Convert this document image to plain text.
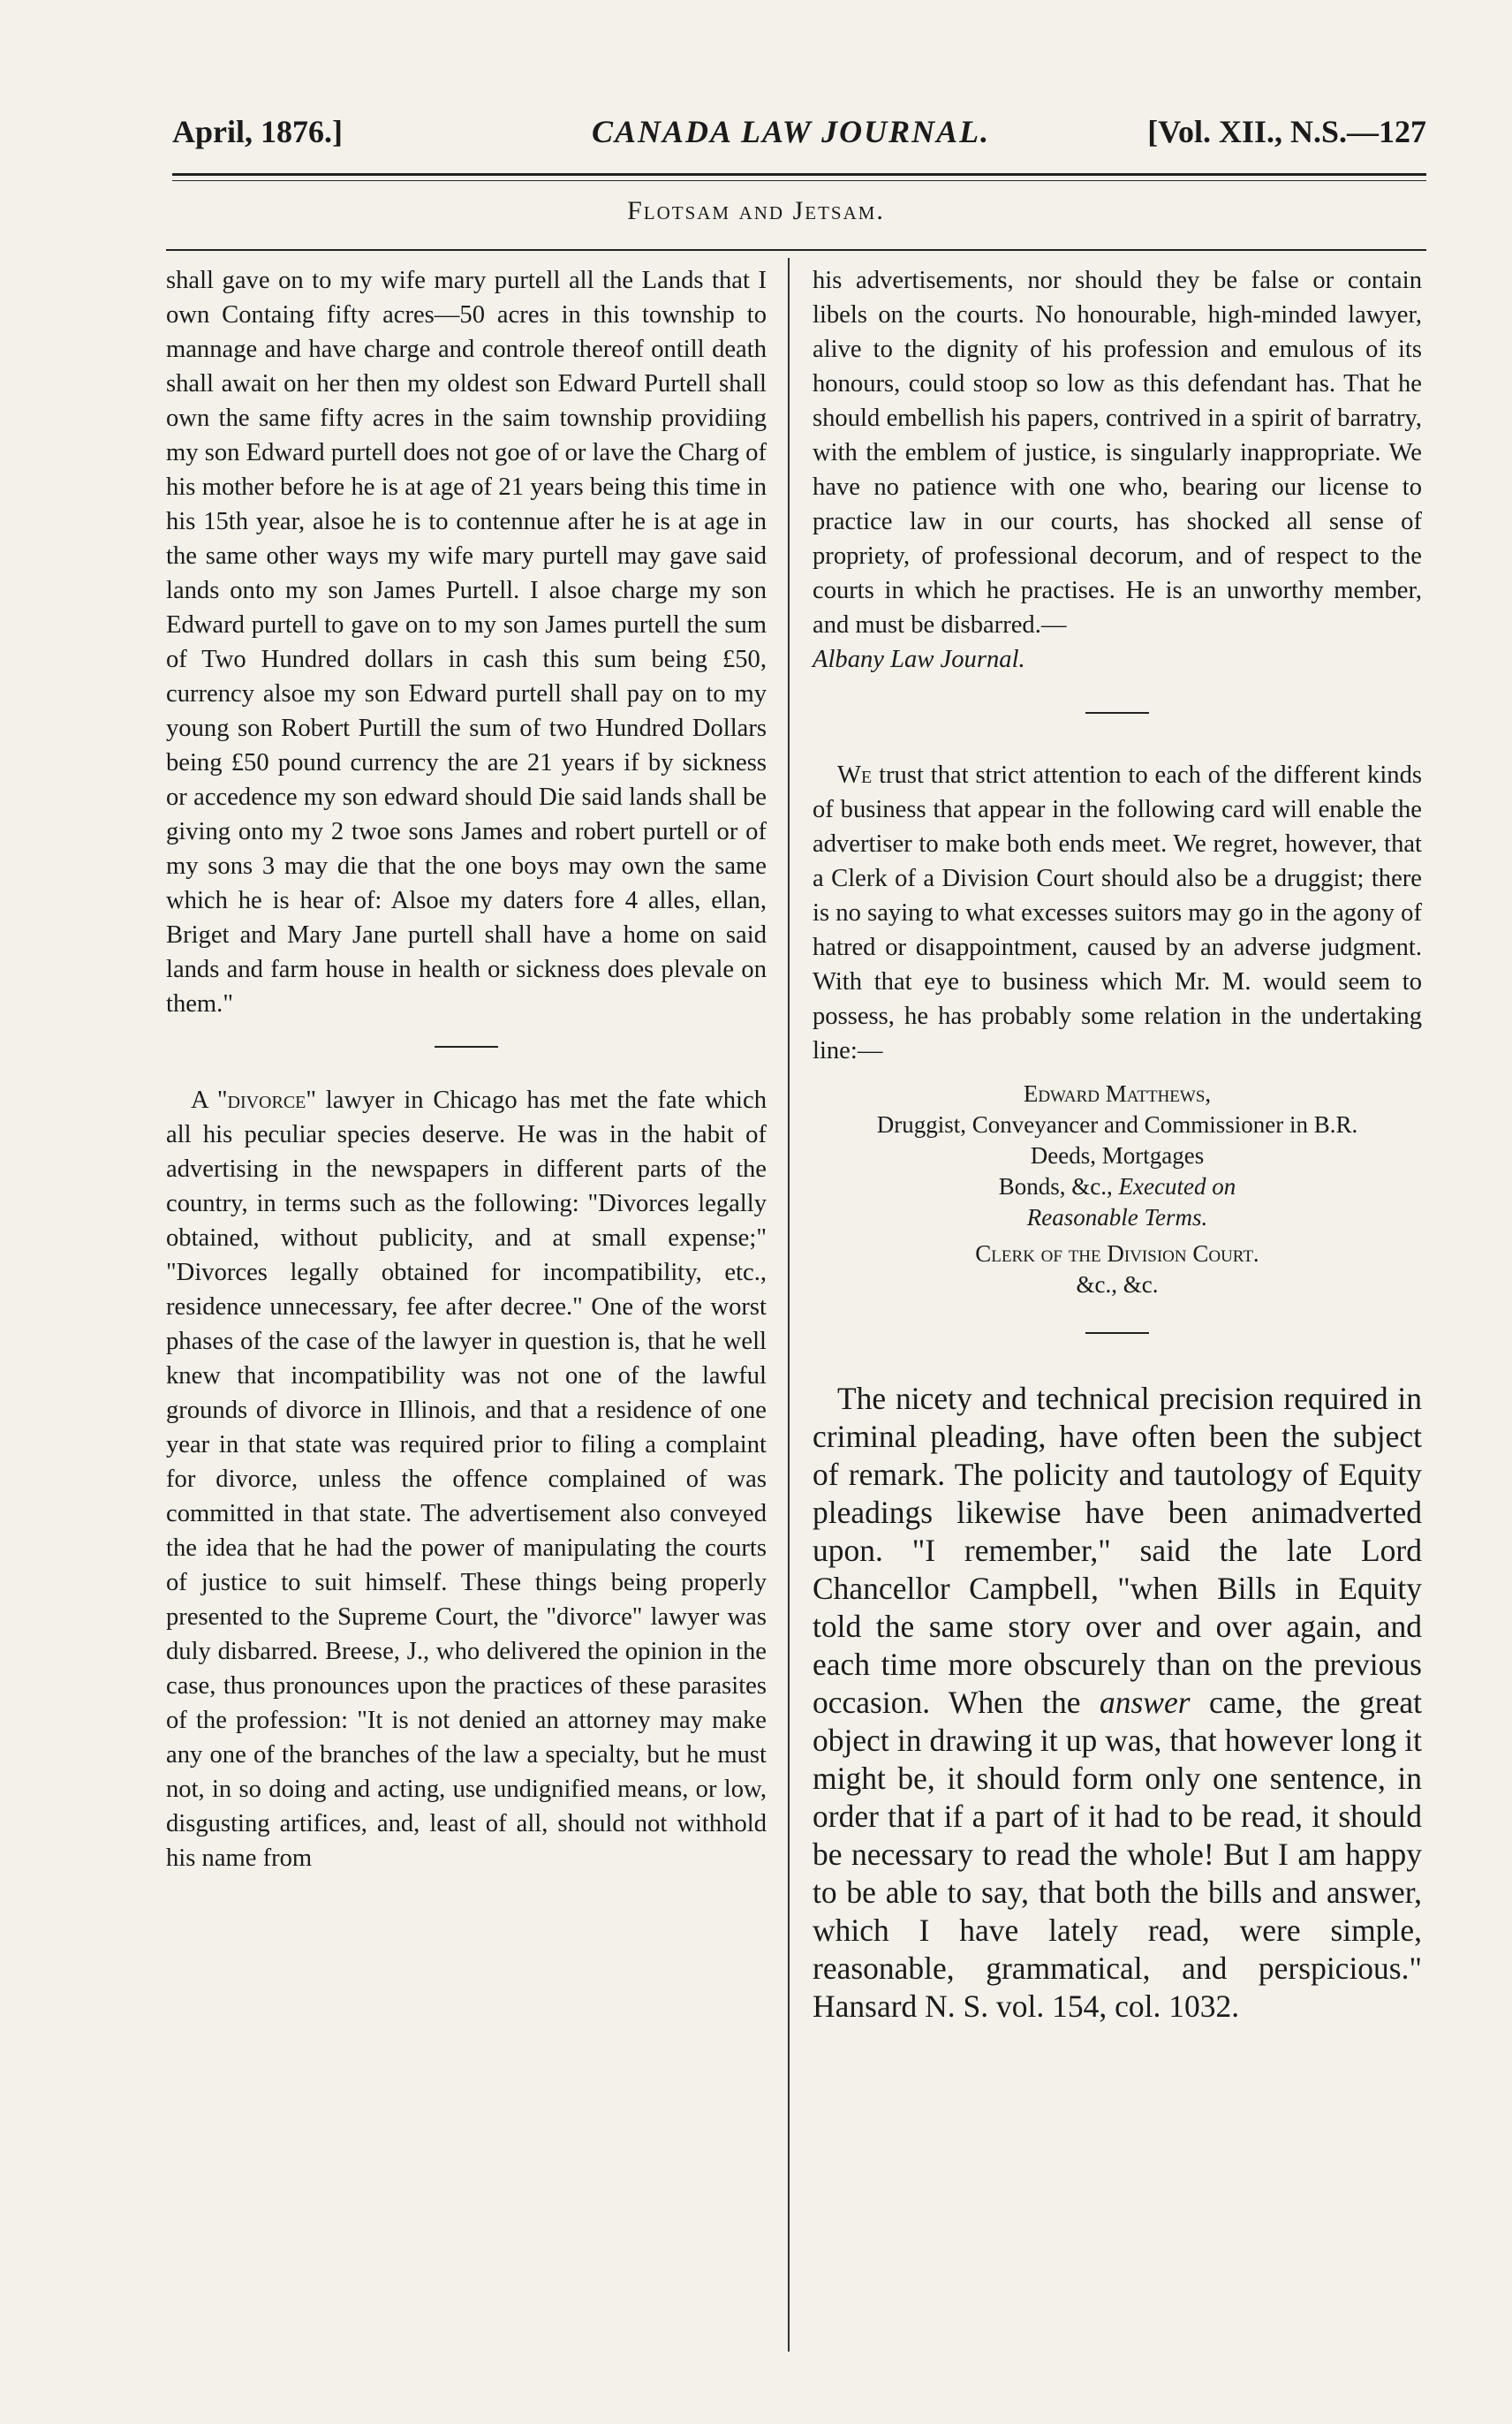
April, 1876.]	CANADA LAW JOURNAL.	[Vol. XII., N.S.—127
Flotsam and Jetsam.

shall gave on to my wife mary purtell all the Lands that I own Containg fifty acres—50 acres in this township to mannage and have charge and controle thereof ontill death shall await on her then my oldest son Edward Purtell shall own the same fifty acres in the saim township providiing my son Edward purtell does not goe of or lave the Charg of his mother before he is at age of 21 years being this time in his 15th year, alsoe he is to contennue after he is at age in the same other ways my wife mary purtell may gave said lands onto my son James Purtell. I alsoe charge my son Edward purtell to gave on to my son James purtell the sum of Two Hundred dollars in cash this sum being £50, currency alsoe my son Edward purtell shall pay on to my young son Robert Purtill the sum of two Hundred Dollars being £50 pound currency the are 21 years if by sickness or accedence my son edward should Die said lands shall be giving onto my 2 twoe sons James and robert purtell or of my sons 3 may die that the one boys may own the same which he is hear of: Alsoe my daters fore 4 alles, ellan, Briget and Mary Jane purtell shall have a home on said lands and farm house in health or sickness does plevale on them."

A "divorce" lawyer in Chicago has met the fate which all his peculiar species deserve. He was in the habit of advertising in the newspapers in different parts of the country, in terms such as the following: "Divorces legally obtained, without publicity, and at small expense;" "Divorces legally obtained for incompatibility, etc., residence unnecessary, fee after decree." One of the worst phases of the case of the lawyer in question is, that he well knew that incompatibility was not one of the lawful grounds of divorce in Illinois, and that a residence of one year in that state was required prior to filing a complaint for divorce, unless the offence complained of was committed in that state. The advertisement also conveyed the idea that he had the power of manipulating the courts of justice to suit himself. These things being properly presented to the Supreme Court, the "divorce" lawyer was duly disbarred. Breese, J., who delivered the opinion in the case, thus pronounces upon the practices of these parasites of the profession: "It is not denied an attorney may make any one of the branches of the law a specialty, but he must not, in so doing and acting, use undignified means, or low, disgusting artifices, and, least of all, should not withhold his name from

his advertisements, nor should they be false or contain libels on the courts. No honourable, high-minded lawyer, alive to the dignity of his profession and emulous of its honours, could stoop so low as this defendant has. That he should embellish his papers, contrived in a spirit of barratry, with the emblem of justice, is singularly inappropriate. We have no patience with one who, bearing our license to practice law in our courts, has shocked all sense of propriety, of professional decorum, and of respect to the courts in which he practises. He is an unworthy member, and must be disbarred.—
Albany Law Journal.

We trust that strict attention to each of the different kinds of business that appear in the following card will enable the advertiser to make both ends meet. We regret, however, that a Clerk of a Division Court should also be a druggist; there is no saying to what excesses suitors may go in the agony of hatred or disappointment, caused by an adverse judgment. With that eye to business which Mr. M. would seem to possess, he has probably some relation in the undertaking line:—

Edward Matthews,
Druggist, Conveyancer and Commissioner in B.R. Deeds, Mortgages
Bonds, &c., Executed on
Reasonable Terms.
Clerk of the Division Court.
&c., &c.

The nicety and technical precision required in criminal pleading, have often been the subject of remark. The policity and tautology of Equity pleadings likewise have been animadverted upon. "I remember," said the late Lord Chancellor Campbell, "when Bills in Equity told the same story over and over again, and each time more obscurely than on the previous occasion. When the answer came, the great object in drawing it up was, that however long it might be, it should form only one sentence, in order that if a part of it had to be read, it should be necessary to read the whole! But I am happy to be able to say, that both the bills and answer, which I have lately read, were simple, reasonable, grammatical, and perspicious." Hansard N. S. vol. 154, col. 1032.
